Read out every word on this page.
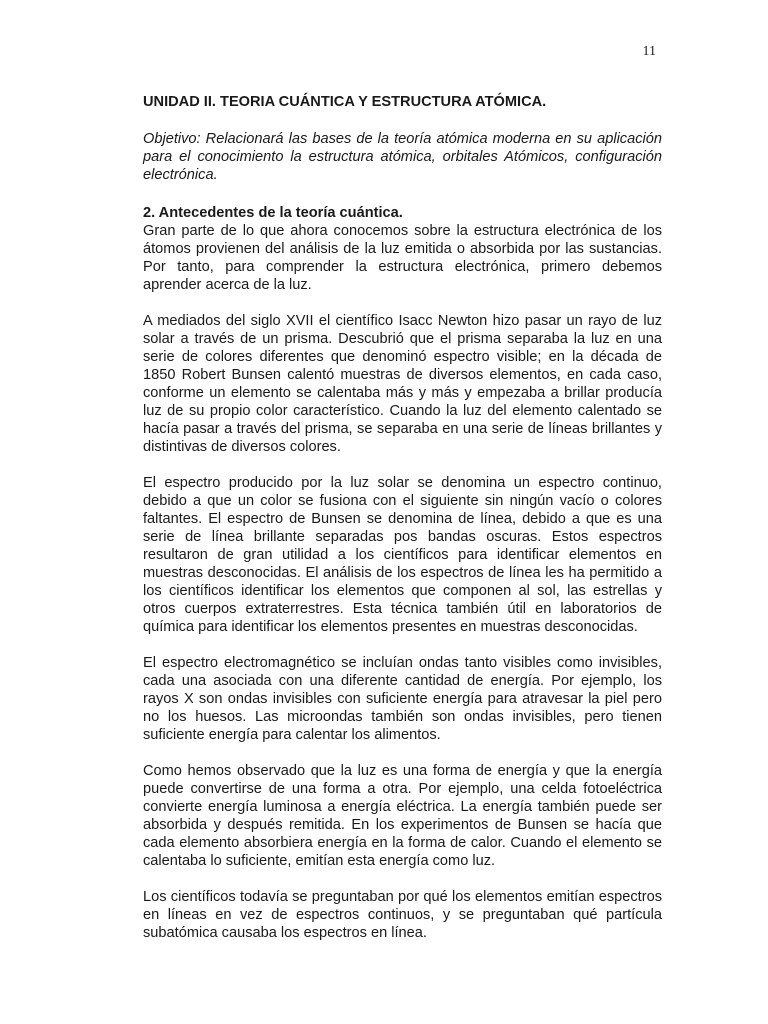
11

UNIDAD II. TEORIA CUÁNTICA Y ESTRUCTURA ATÓMICA.

Objetivo: Relacionará las bases de la teoría atómica moderna en su aplicación para el conocimiento la estructura atómica, orbitales Atómicos, configuración electrónica.

2. Antecedentes de la teoría cuántica.

Gran parte de lo que ahora conocemos sobre la estructura electrónica de los átomos provienen del análisis de la luz emitida o absorbida por las sustancias. Por tanto, para comprender la estructura electrónica, primero debemos aprender acerca de la luz.

A mediados del siglo XVII el científico Isacc Newton hizo pasar un rayo de luz solar a través de un prisma. Descubrió que el prisma separaba la luz en una serie de colores diferentes que denominó espectro visible; en la década de 1850 Robert Bunsen calentó muestras de diversos elementos, en cada caso, conforme un elemento se calentaba más y más y empezaba a brillar producía luz de su propio color característico. Cuando la luz del elemento calentado se hacía pasar a través del prisma, se separaba en una serie de líneas brillantes y distintivas de diversos colores.

El espectro producido por la luz solar se denomina un espectro continuo, debido a que un color se fusiona con el siguiente sin ningún vacío o colores faltantes. El espectro de Bunsen se denomina de línea, debido a que es una serie de línea brillante separadas pos bandas oscuras. Estos espectros resultaron de gran utilidad a los científicos para identificar elementos en muestras desconocidas. El análisis de los espectros de línea les ha permitido a los científicos identificar los elementos que componen al sol, las estrellas y otros cuerpos extraterrestres. Esta técnica también útil en laboratorios de química para identificar los elementos presentes en muestras desconocidas.

El espectro electromagnético se incluían ondas tanto visibles como invisibles, cada una asociada con una diferente cantidad de energía. Por ejemplo, los rayos X son ondas invisibles con suficiente energía para atravesar la piel pero no los huesos. Las microondas también son ondas invisibles, pero tienen suficiente energía para calentar los alimentos.

Como hemos observado que la luz es una forma de energía y que la energía puede convertirse de una forma a otra. Por ejemplo, una celda fotoeléctrica convierte energía luminosa a energía eléctrica. La energía también puede ser absorbida y después remitida. En los experimentos de Bunsen se hacía que cada elemento absorbiera energía en la forma de calor. Cuando el elemento se calentaba lo suficiente, emitían esta energía como luz.

Los científicos todavía se preguntaban por qué los elementos emitían espectros en líneas en vez de espectros continuos, y se preguntaban qué partícula subatómica causaba los espectros en línea.
